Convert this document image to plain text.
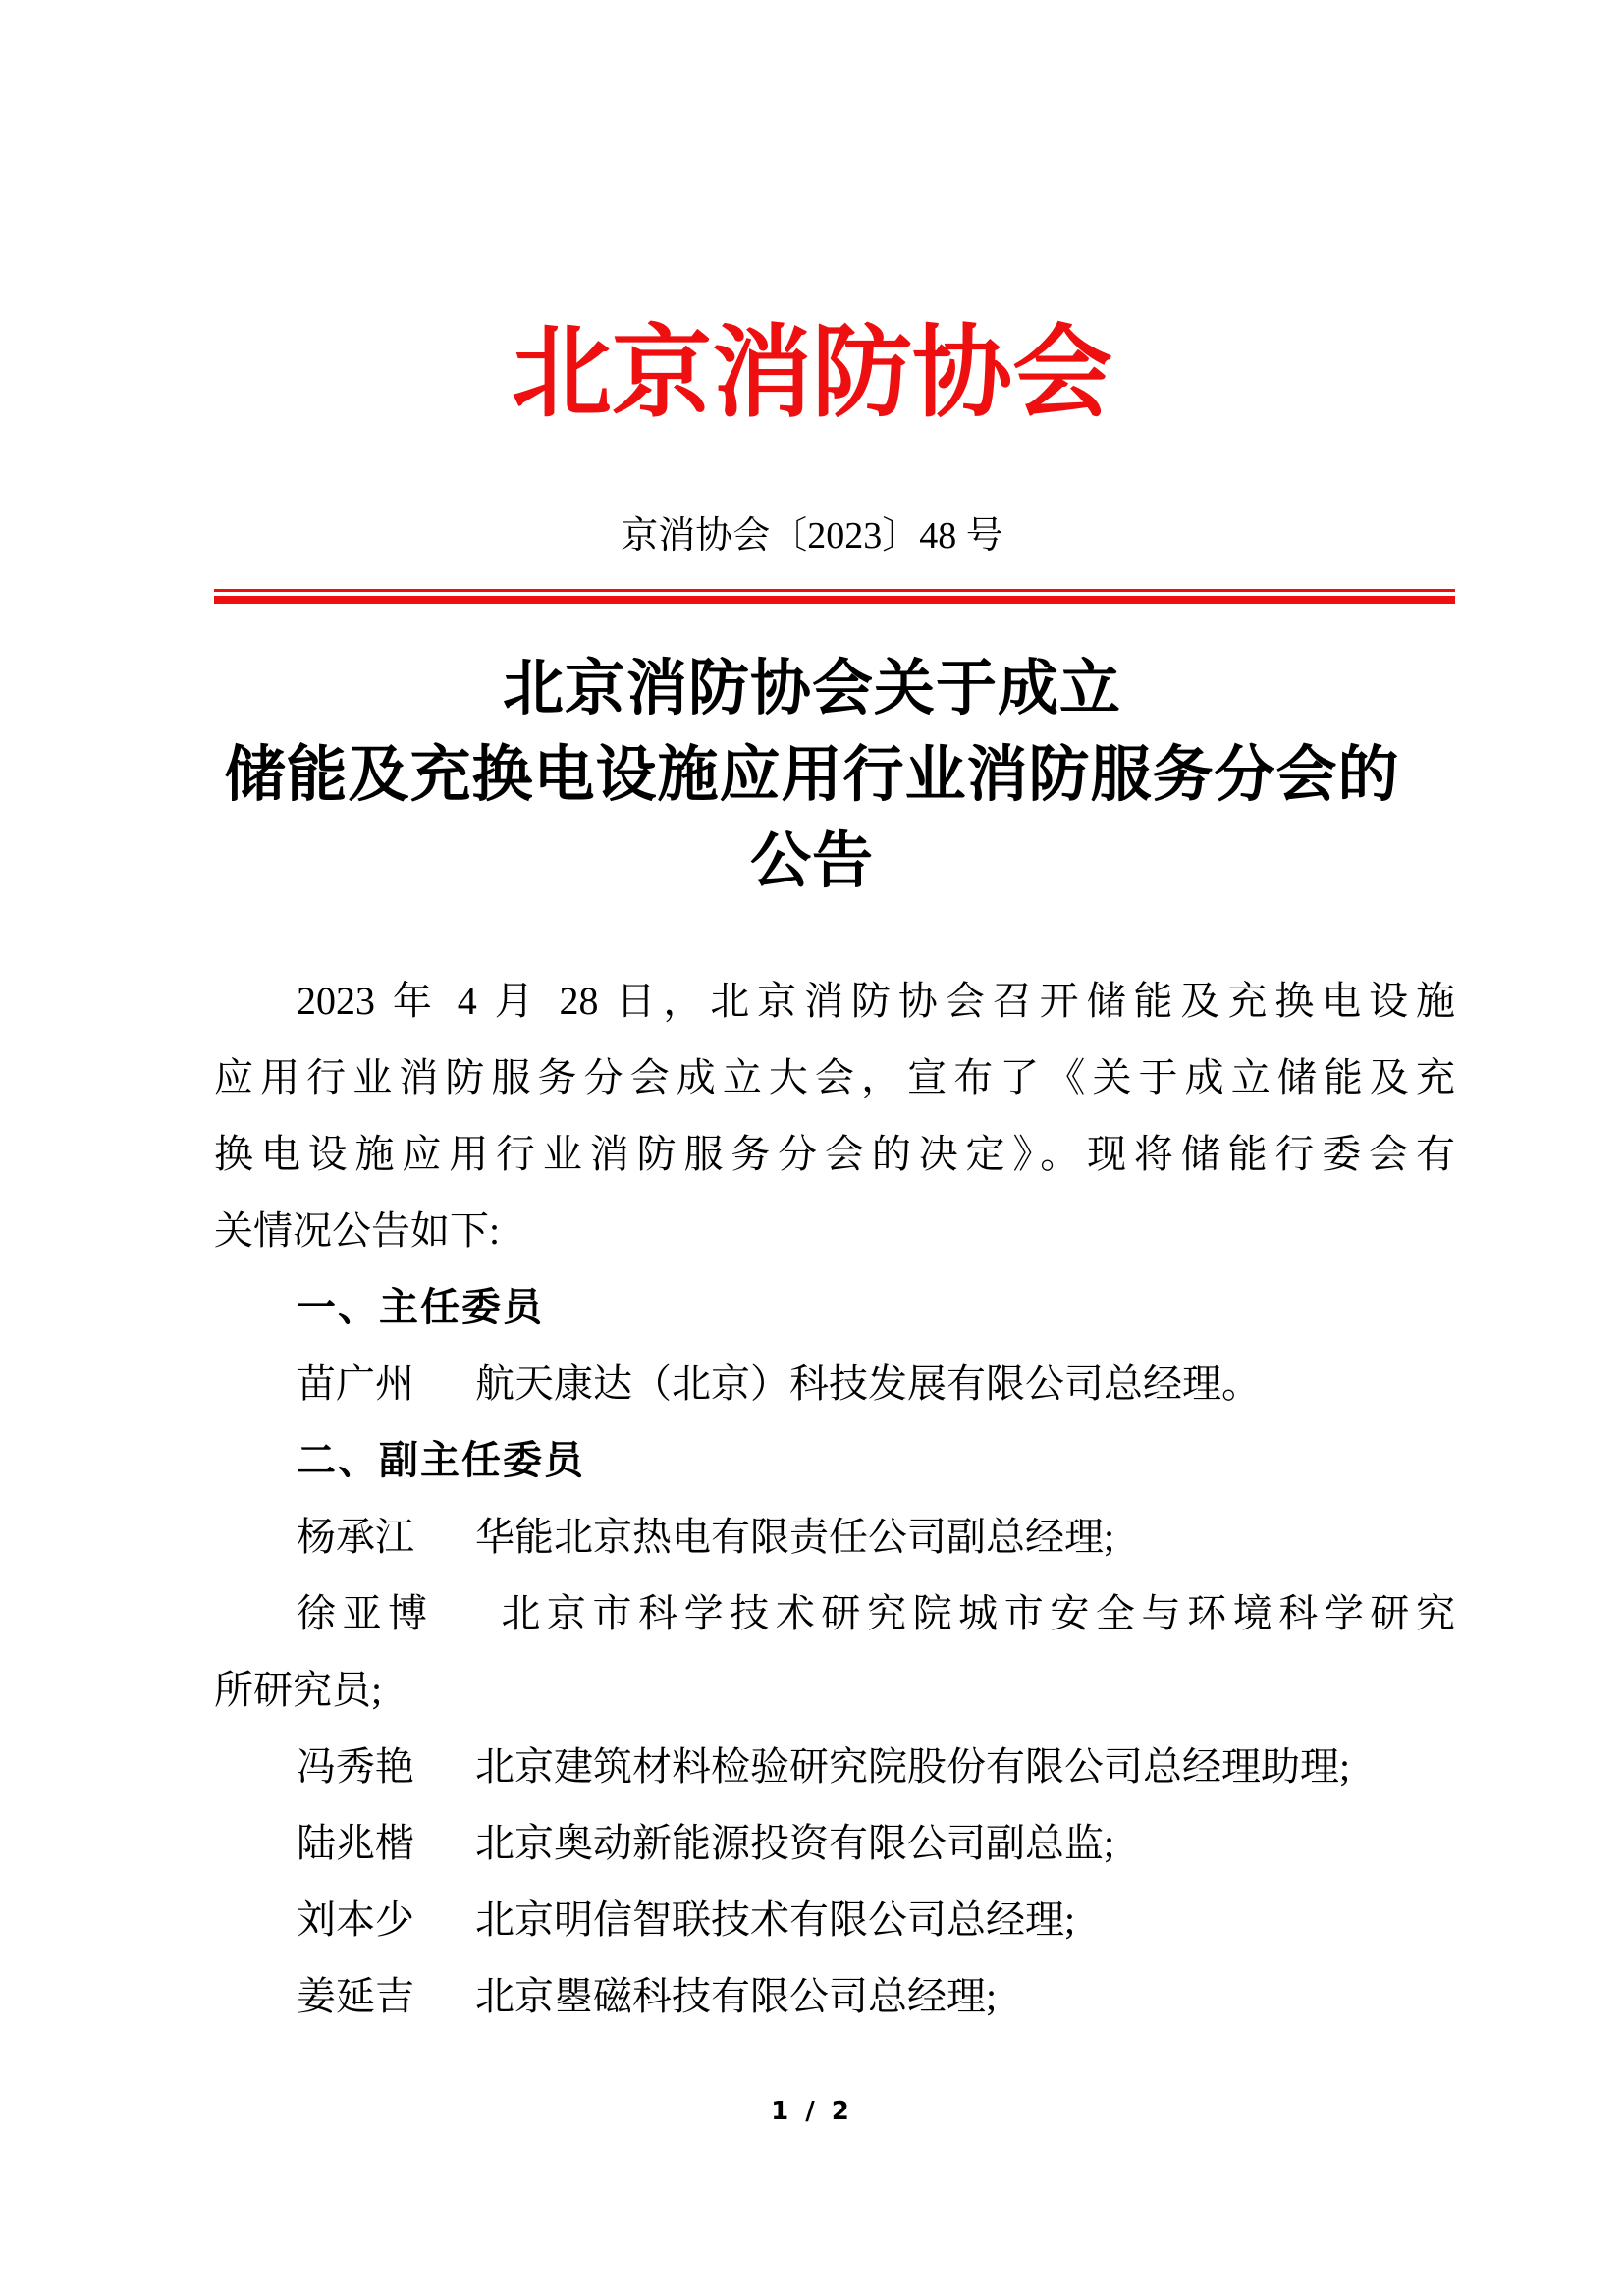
北京消防协会
京消协会〔2023〕48 号
北京消防协会关于成立
储能及充换电设施应用行业消防服务分会的
公告
2023 年 4 月 28 日，北京消防协会召开储能及充换电设施
应用行业消防服务分会成立大会，宣布了《关于成立储能及充
换电设施应用行业消防服务分会的决定》。现将储能行委会有
关情况公告如下:
一、主任委员
苗广州 航天康达（北京）科技发展有限公司总经理。
二、副主任委员
杨承江 华能北京热电有限责任公司副总经理;
徐亚博 北京市科学技术研究院城市安全与环境科学研究
所研究员;
冯秀艳 北京建筑材料检验研究院股份有限公司总经理助理;
陆兆楷 北京奥动新能源投资有限公司副总监;
刘本少 北京明信智联技术有限公司总经理;
姜延吉 北京瞾磁科技有限公司总经理;
1 / 2
